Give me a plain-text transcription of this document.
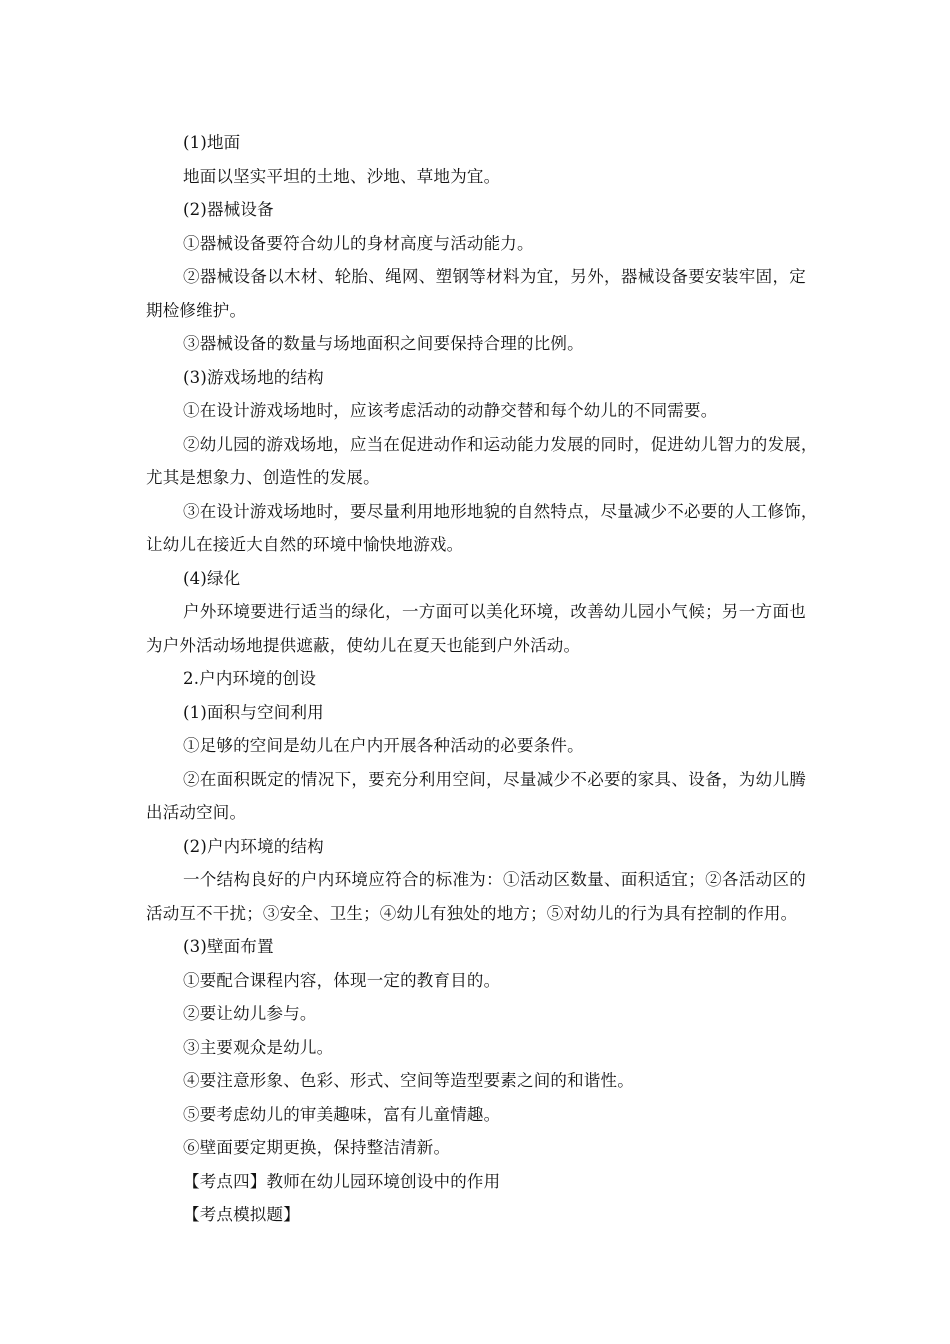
(1)地面
地面以坚实平坦的土地、沙地、草地为宜。
(2)器械设备
①器械设备要符合幼儿的身材高度与活动能力。
②器械设备以木材、轮胎、绳网、塑钢等材料为宜，另外，器械设备要安装牢固，定
期检修维护。
③器械设备的数量与场地面积之间要保持合理的比例。
(3)游戏场地的结构
①在设计游戏场地时，应该考虑活动的动静交替和每个幼儿的不同需要。
②幼儿园的游戏场地，应当在促进动作和运动能力发展的同时，促进幼儿智力的发展，
尤其是想象力、创造性的发展。
③在设计游戏场地时，要尽量利用地形地貌的自然特点，尽量减少不必要的人工修饰，
让幼儿在接近大自然的环境中愉快地游戏。
(4)绿化
户外环境要进行适当的绿化，一方面可以美化环境，改善幼儿园小气候；另一方面也
为户外活动场地提供遮蔽，使幼儿在夏天也能到户外活动。
2.户内环境的创设
(1)面积与空间利用
①足够的空间是幼儿在户内开展各种活动的必要条件。
②在面积既定的情况下，要充分利用空间，尽量减少不必要的家具、设备，为幼儿腾
出活动空间。
(2)户内环境的结构
一个结构良好的户内环境应符合的标准为：①活动区数量、面积适宜；②各活动区的
活动互不干扰；③安全、卫生；④幼儿有独处的地方；⑤对幼儿的行为具有控制的作用。
(3)壁面布置
①要配合课程内容，体现一定的教育目的。
②要让幼儿参与。
③主要观众是幼儿。
④要注意形象、色彩、形式、空间等造型要素之间的和谐性。
⑤要考虑幼儿的审美趣味，富有儿童情趣。
⑥壁面要定期更换，保持整洁清新。
【考点四】教师在幼儿园环境创设中的作用
【考点模拟题】
